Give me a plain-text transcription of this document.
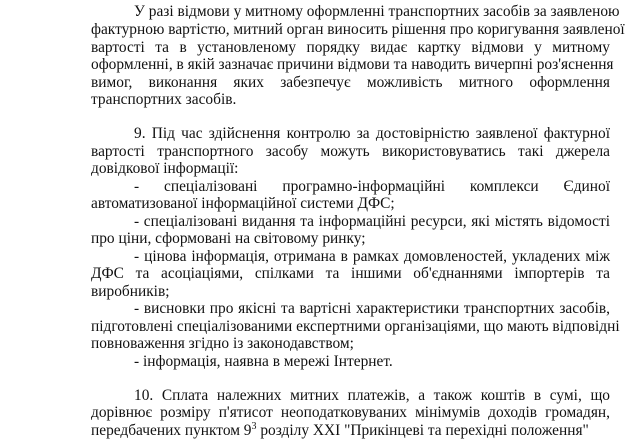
У разі відмови у митному оформленні транспортних засобів за заявленою
фактурною вартістю, митний орган виносить рішення про коригування заявленої
вартості та в установленому порядку видає картку відмови у митному
оформленні, в якій зазначає причини відмови та наводить вичерпні роз'яснення
вимог, виконання яких забезпечує можливість митного оформлення
транспортних засобів.
9. Під час здійснення контролю за достовірністю заявленої фактурної
вартості транспортного засобу можуть використовуватись такі джерела
довідкової інформації:
- спеціалізовані програмно-інформаційні комплекси Єдиної
автоматизованої інформаційної системи ДФС;
- спеціалізовані видання та інформаційні ресурси, які містять відомості
про ціни, сформовані на світовому ринку;
- цінова інформація, отримана в рамках домовленостей, укладених між
ДФС та асоціаціями, спілками та іншими об'єднаннями імпортерів та
виробників;
- висновки про якісні та вартісні характеристики транспортних засобів,
підготовлені спеціалізованими експертними організаціями, що мають відповідні
повноваження згідно із законодавством;
- інформація, наявна в мережі Інтернет.
10. Сплата належних митних платежів, а також коштів в сумі, що
дорівнює розміру п'ятисот неоподатковуваних мінімумів доходів громадян,
передбачених пунктом $9^3$ розділу XXI "Прикінцеві та перехідні положення"
